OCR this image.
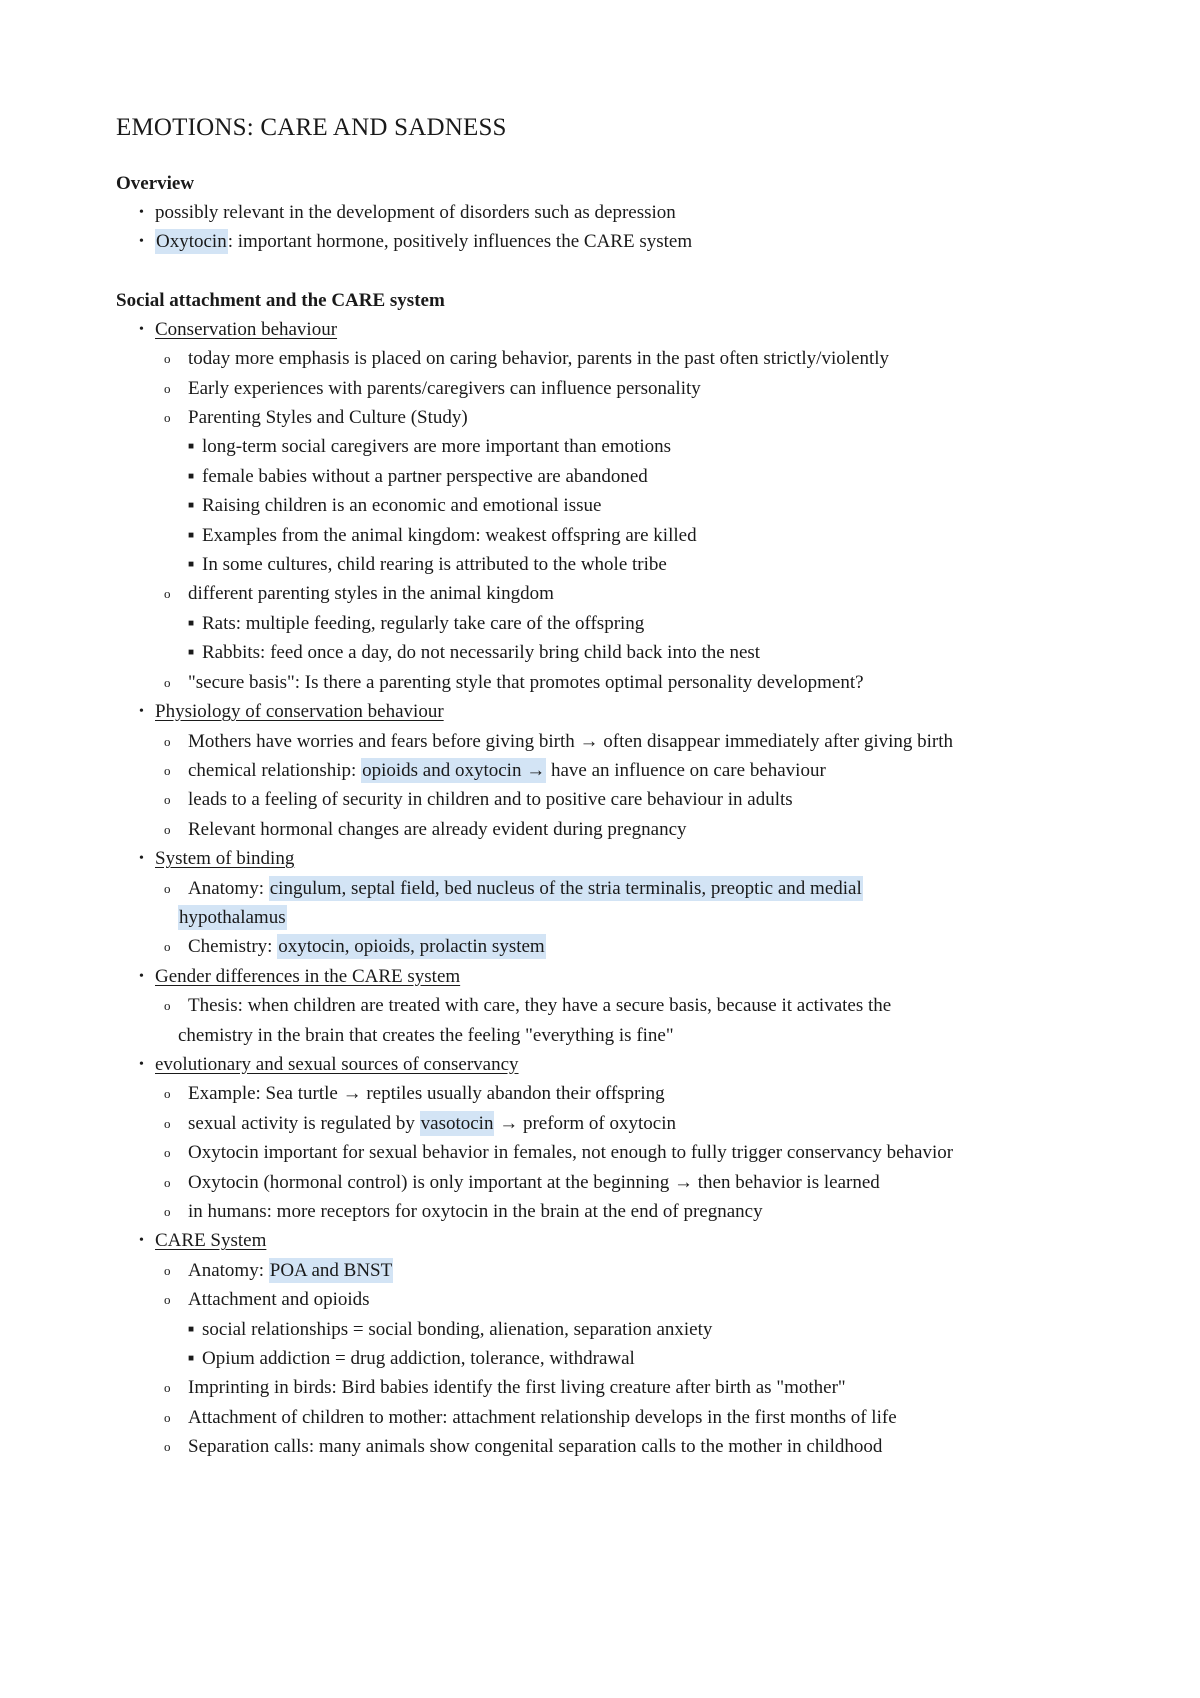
EMOTIONS: CARE AND SADNESS

Overview

• possibly relevant in the development of disorders such as depression
• Oxytocin: important hormone, positively influences the CARE system

Social attachment and the CARE system

• Conservation behaviour
o today more emphasis is placed on caring behavior, parents in the past often strictly/violently
o Early experiences with parents/caregivers can influence personality
o Parenting Styles and Culture (Study)
■ long-term social caregivers are more important than emotions
■ female babies without a partner perspective are abandoned
■ Raising children is an economic and emotional issue
■ Examples from the animal kingdom: weakest offspring are killed
■ In some cultures, child rearing is attributed to the whole tribe
o different parenting styles in the animal kingdom
■ Rats: multiple feeding, regularly take care of the offspring
■ Rabbits: feed once a day, do not necessarily bring child back into the nest
o "secure basis": Is there a parenting style that promotes optimal personality development?
• Physiology of conservation behaviour
o Mothers have worries and fears before giving birth → often disappear immediately after giving birth
o chemical relationship: opioids and oxytocin → have an influence on care behaviour
o leads to a feeling of security in children and to positive care behaviour in adults
o Relevant hormonal changes are already evident during pregnancy
• System of binding
o Anatomy: cingulum, septal field, bed nucleus of the stria terminalis, preoptic and medial
hypothalamus
o Chemistry: oxytocin, opioids, prolactin system
• Gender differences in the CARE system
o Thesis: when children are treated with care, they have a secure basis, because it activates the
chemistry in the brain that creates the feeling "everything is fine"
• evolutionary and sexual sources of conservancy
o Example: Sea turtle → reptiles usually abandon their offspring
o sexual activity is regulated by vasotocin → preform of oxytocin
o Oxytocin important for sexual behavior in females, not enough to fully trigger conservancy behavior
o Oxytocin (hormonal control) is only important at the beginning → then behavior is learned
o in humans: more receptors for oxytocin in the brain at the end of pregnancy
• CARE System
o Anatomy: POA and BNST
o Attachment and opioids
■ social relationships = social bonding, alienation, separation anxiety
■ Opium addiction = drug addiction, tolerance, withdrawal
o Imprinting in birds: Bird babies identify the first living creature after birth as "mother"
o Attachment of children to mother: attachment relationship develops in the first months of life
o Separation calls: many animals show congenital separation calls to the mother in childhood
